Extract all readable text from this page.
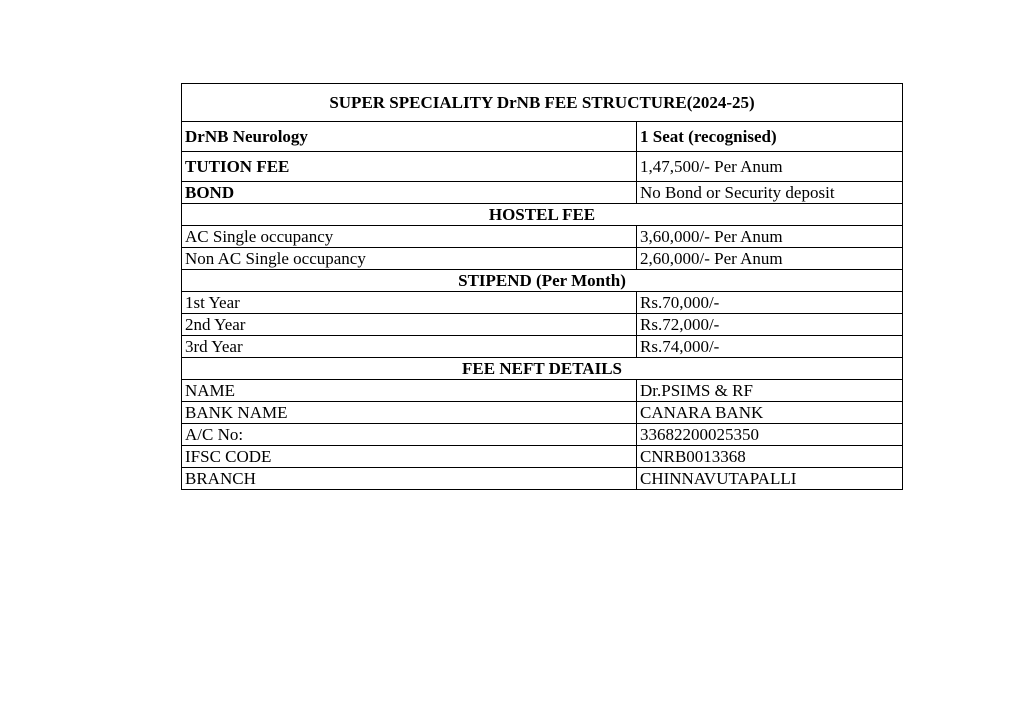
SUPER SPECIALITY DrNB FEE STRUCTURE(2024-25)	
DrNB Neurology	1 Seat (recognised)
TUTION FEE	1,47,500/- Per Anum
BOND	No Bond or Security deposit
HOSTEL FEE	
AC Single occupancy	3,60,000/- Per Anum
Non AC Single occupancy	2,60,000/- Per Anum
STIPEND (Per Month)	
1st Year	Rs.70,000/-
2nd Year	Rs.72,000/-
3rd Year	Rs.74,000/-
FEE NEFT DETAILS	
NAME	Dr.PSIMS & RF
BANK NAME	CANARA BANK
A/C No:	33682200025350
IFSC CODE	CNRB0013368
BRANCH	CHINNAVUTAPALLI
